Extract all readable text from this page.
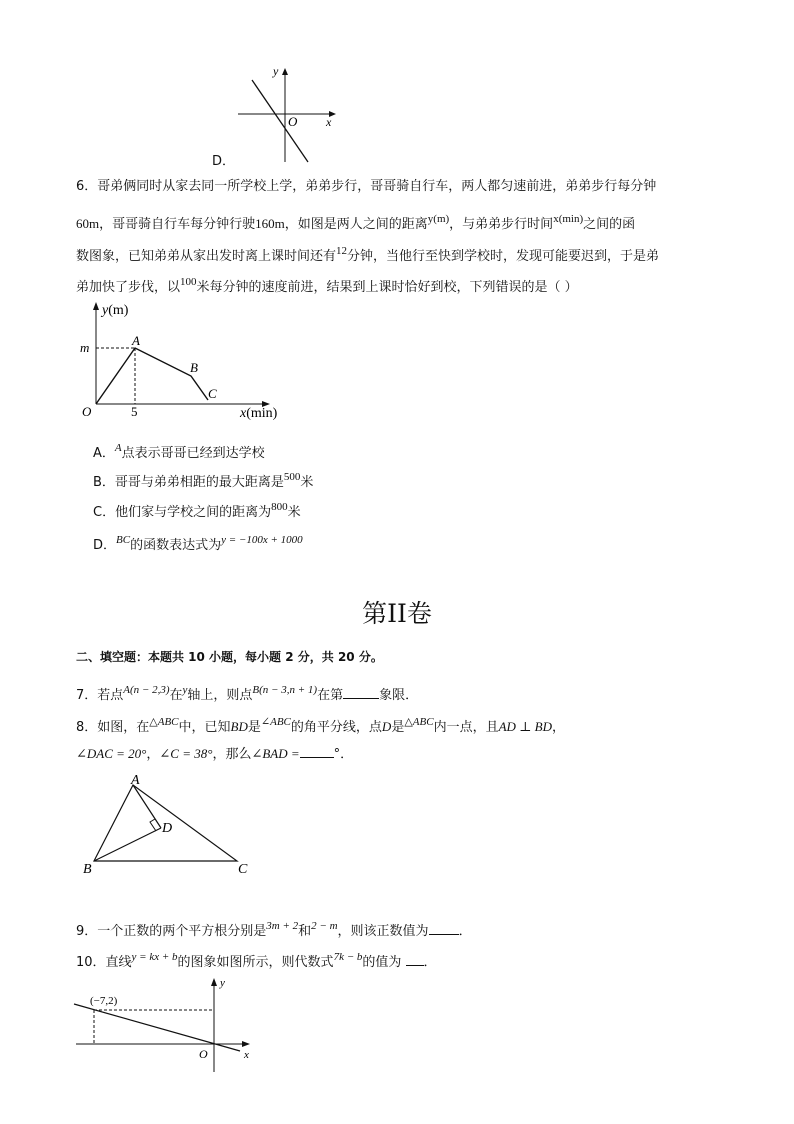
D．
y
O x
6．哥弟俩同时从家去同一所学校上学，弟弟步行，哥哥骑自行车，两人都匀速前进，弟弟步行每分钟
60m，哥哥骑自行车每分钟行驶160m，如图是两人之间的距离$^{y(m)}$，与弟弟步行时间$^{x(min)}$之间的函
数图象，已知弟弟从家出发时离上课时间还有$^{12}$分钟，当他行至快到学校时，发现可能要迟到，于是弟
弟加快了步伐，以$^{100}$米每分钟的速度前进，结果到上课时恰好到校，下列错误的是（ ）
y(m)
m	A
B
C
O	5	x(min)
A．$^A$点表示哥哥已经到达学校
B．哥哥与弟弟相距的最大距离是$^{500}$米
C．他们家与学校之间的距离为$^{800}$米
D．$^{BC}$的函数表达式为$^{y = -100x + 1000}$
第II卷
二、填空题：本题共 10 小题，每小题 2 分，共 20 分。
7．若点$^{A(n - 2,3)}$在$^y$轴上，则点$^{B(n - 3,n + 1)}$在第	象限．
8．如图，在$^{\triangle ABC}$中，已知BD是$^{\angle ABC}$的角平分线，点D是$^{\triangle ABC}$内一点，且AD ⊥ BD，
∠DAC = 20°，∠C = 38°，那么∠BAD =	°．
A
D
B	C
9．一个正数的两个平方根分别是$^{3m + 2}$和$^{2 - m}$，则该正数值为 ．
10．直线$^{y = kx + b}$的图象如图所示，则代数式$^{7k - b}$的值为 ．
(−7,2)
y
O	x
